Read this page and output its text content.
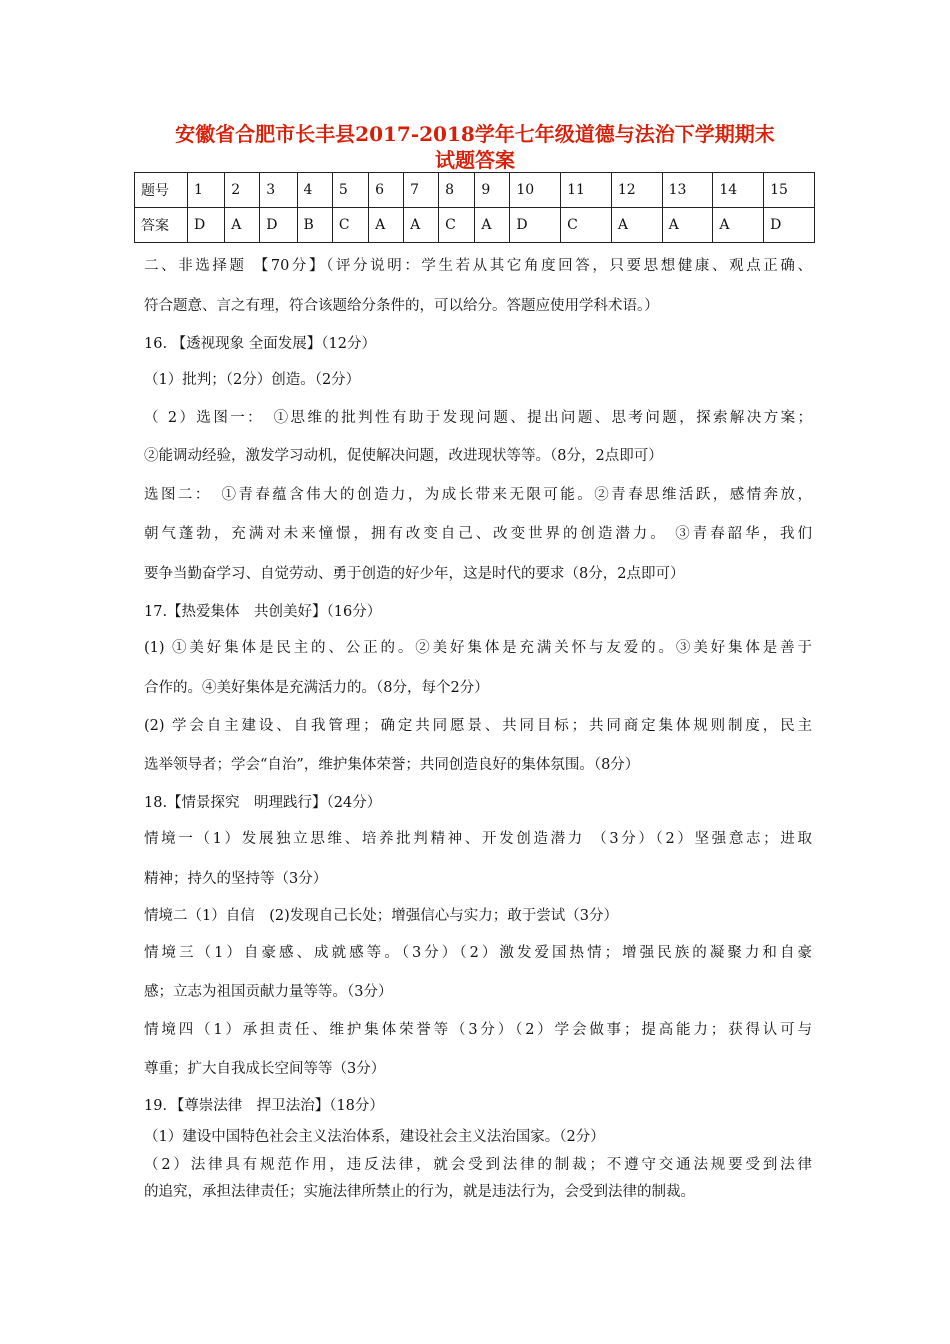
安徽省合肥市长丰县2017-2018学年七年级道德与法治下学期期末
试题答案
题号	1	2	3	4	5	6	7	8	9	10	11	12	13	14	15
答案	D	A	D	B	C	A	A	C	A	D	C	A	A	A	D
二、非选择题 【70分】（评分说明：学生若从其它角度回答，只要思想健康、观点正确、
符合题意、言之有理，符合该题给分条件的，可以给分。答题应使用学科术语。）
16. 【透视现象 全面发展】（12分）
（1）批判；（2分）创造。（2分）
（ 2）选图一：　①思维的批判性有助于发现问题、提出问题、思考问题，探索解决方案；
②能调动经验，激发学习动机，促使解决问题，改进现状等等。（8分，2点即可）
选图二：　①青春蕴含伟大的创造力，为成长带来无限可能。②青春思维活跃，感情奔放，
朝气蓬勃，充满对未来憧憬，拥有改变自己、改变世界的创造潜力。 ③青春韶华，我们
要争当勤奋学习、自觉劳动、勇于创造的好少年，这是时代的要求（8分，2点即可）
17.【热爱集体　共创美好】（16分）
(1) ①美好集体是民主的、公正的。②美好集体是充满关怀与友爱的。③美好集体是善于
合作的。④美好集体是充满活力的。（8分，每个2分）
(2) 学会自主建设、自我管理；确定共同愿景、共同目标；共同商定集体规则制度，民主
选举领导者；学会“自治”，维护集体荣誉；共同创造良好的集体氛围。（8分）
18.【情景探究　明理践行】（24分）
情境一（1）发展独立思维、培养批判精神、开发创造潜力 （3分）（2）坚强意志；进取
精神；持久的坚持等（3分）
情境二（1）自信　(2)发现自己长处；增强信心与实力；敢于尝试（3分）
情境三（1）自豪感、成就感等。（3分）（2）激发爱国热情；增强民族的凝聚力和自豪
感；立志为祖国贡献力量等等。（3分）
情境四（1）承担责任、维护集体荣誉等（3分）（2）学会做事；提高能力；获得认可与
尊重；扩大自我成长空间等等（3分）
19．【尊崇法律　捍卫法治】（18分）
（1）建设中国特色社会主义法治体系，建设社会主义法治国家。（2分）
（2）法律具有规范作用，违反法律，就会受到法律的制裁；不遵守交通法规要受到法律
的追究，承担法律责任；实施法律所禁止的行为，就是违法行为，会受到法律的制裁。
